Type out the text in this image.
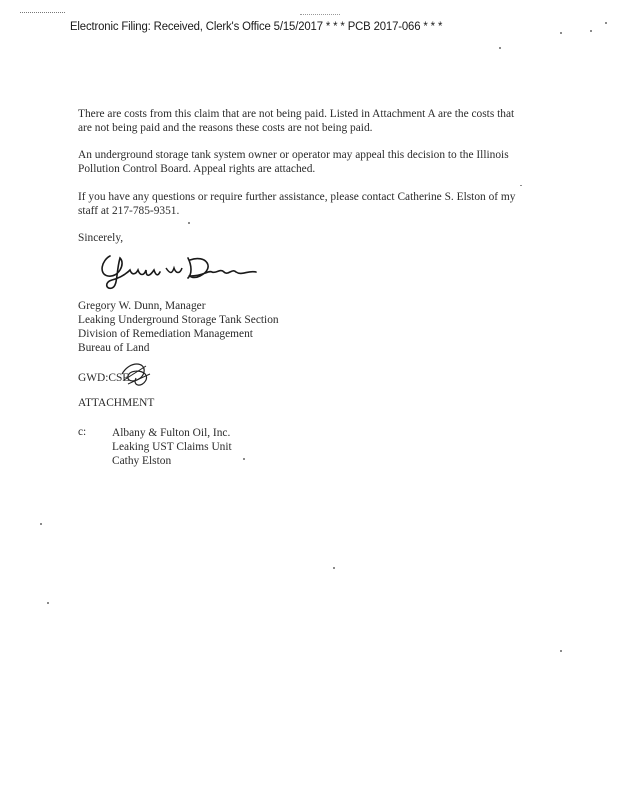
Electronic Filing: Received, Clerk's Office 5/15/2017 * * * PCB 2017-066 * * *
There are costs from this claim that are not being paid. Listed in Attachment A are the costs that
are not being paid and the reasons these costs are not being paid.
An underground storage tank system owner or operator may appeal this decision to the Illinois
Pollution Control Board. Appeal rights are attached.
If you have any questions or require further assistance, please contact Catherine S. Elston of my
staff at 217-785-9351.
Sincerely,
Gregory W. Dunn, Manager
Leaking Underground Storage Tank Section
Division of Remediation Management
Bureau of Land
GWD:CSE
ATTACHMENT
c: Albany & Fulton Oil, Inc.
Leaking UST Claims Unit
Cathy Elston
